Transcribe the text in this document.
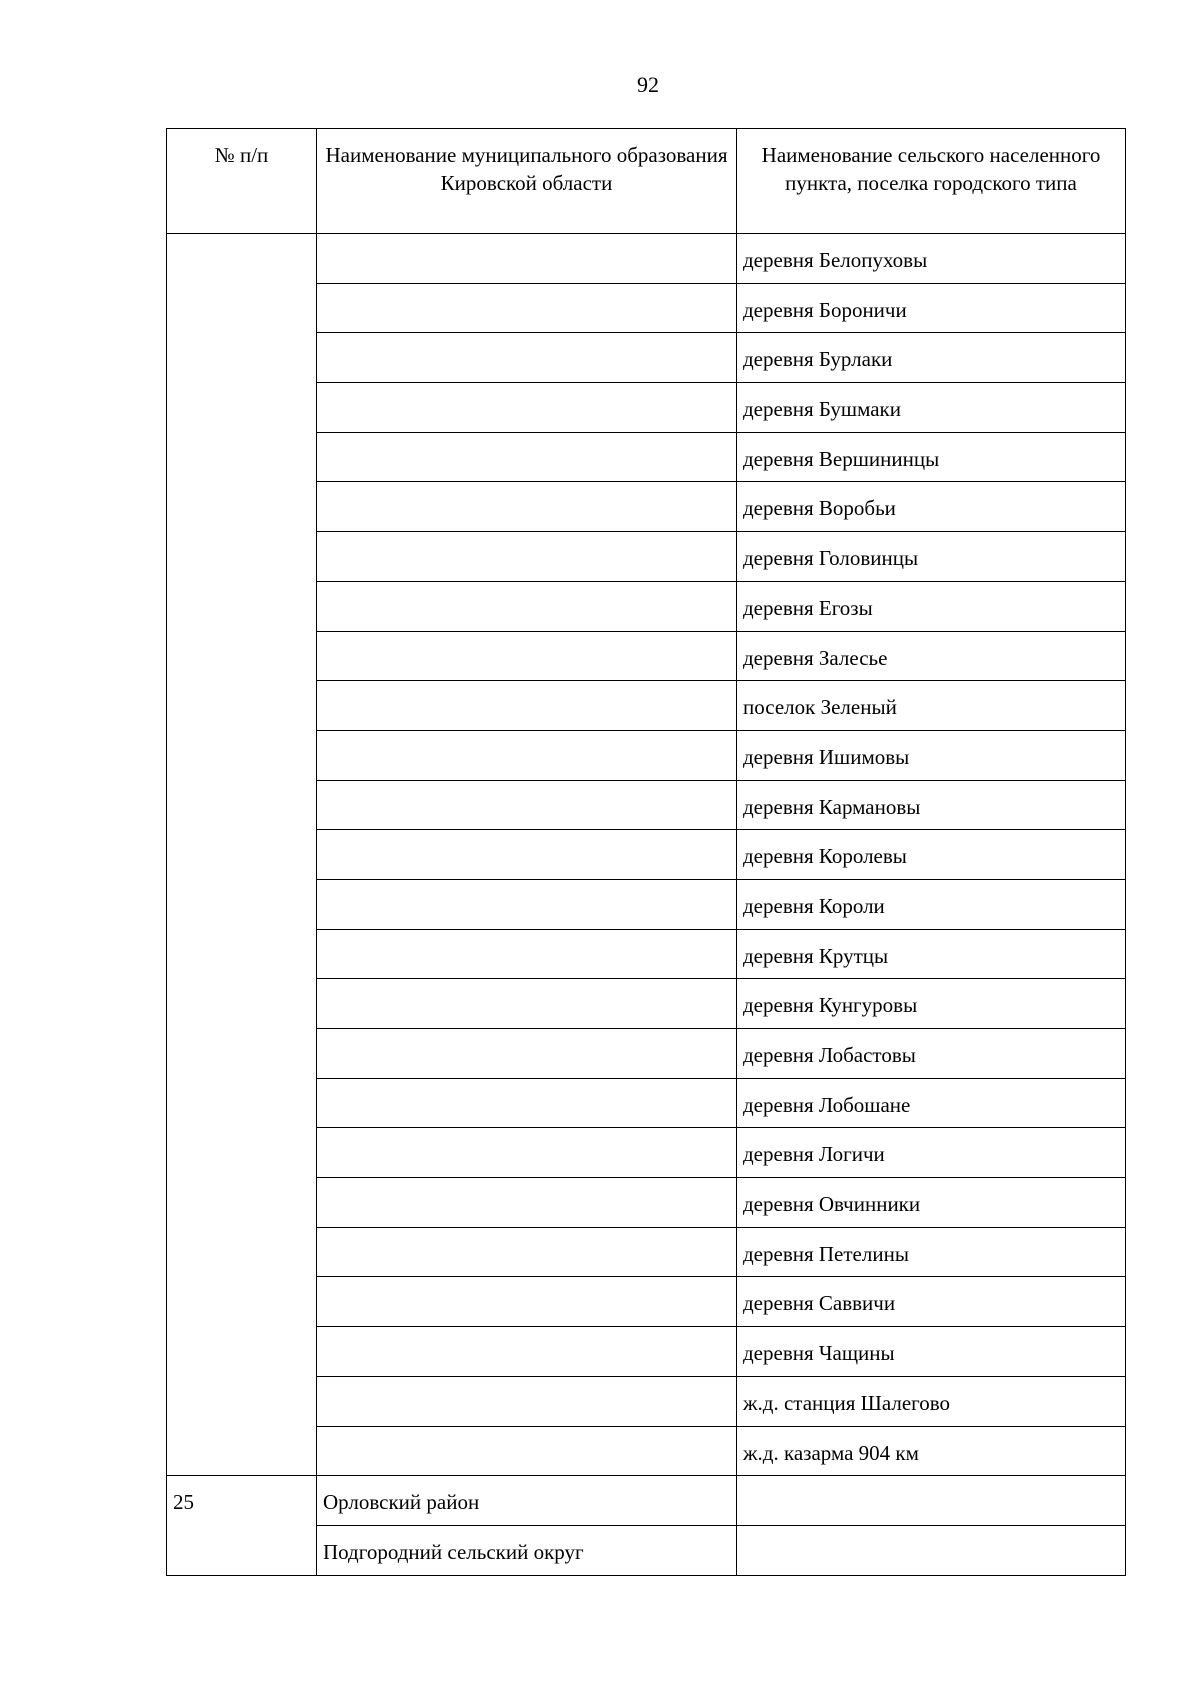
92
№ п/п	Наименование муниципального образования Кировской области	Наименование сельского населенного пункта, поселка городского типа
		деревня Белопуховы
		деревня Бороничи
		деревня Бурлаки
		деревня Бушмаки
		деревня Вершининцы
		деревня Воробьи
		деревня Головинцы
		деревня Егозы
		деревня Залесье
		поселок Зеленый
		деревня Ишимовы
		деревня Кармановы
		деревня Королевы
		деревня Короли
		деревня Крутцы
		деревня Кунгуровы
		деревня Лобастовы
		деревня Лобошане
		деревня Логичи
		деревня Овчинники
		деревня Петелины
		деревня Саввичи
		деревня Чащины
		ж.д. станция Шалегово
		ж.д. казарма 904 км
25	Орловский район	
	Подгородний сельский округ	
